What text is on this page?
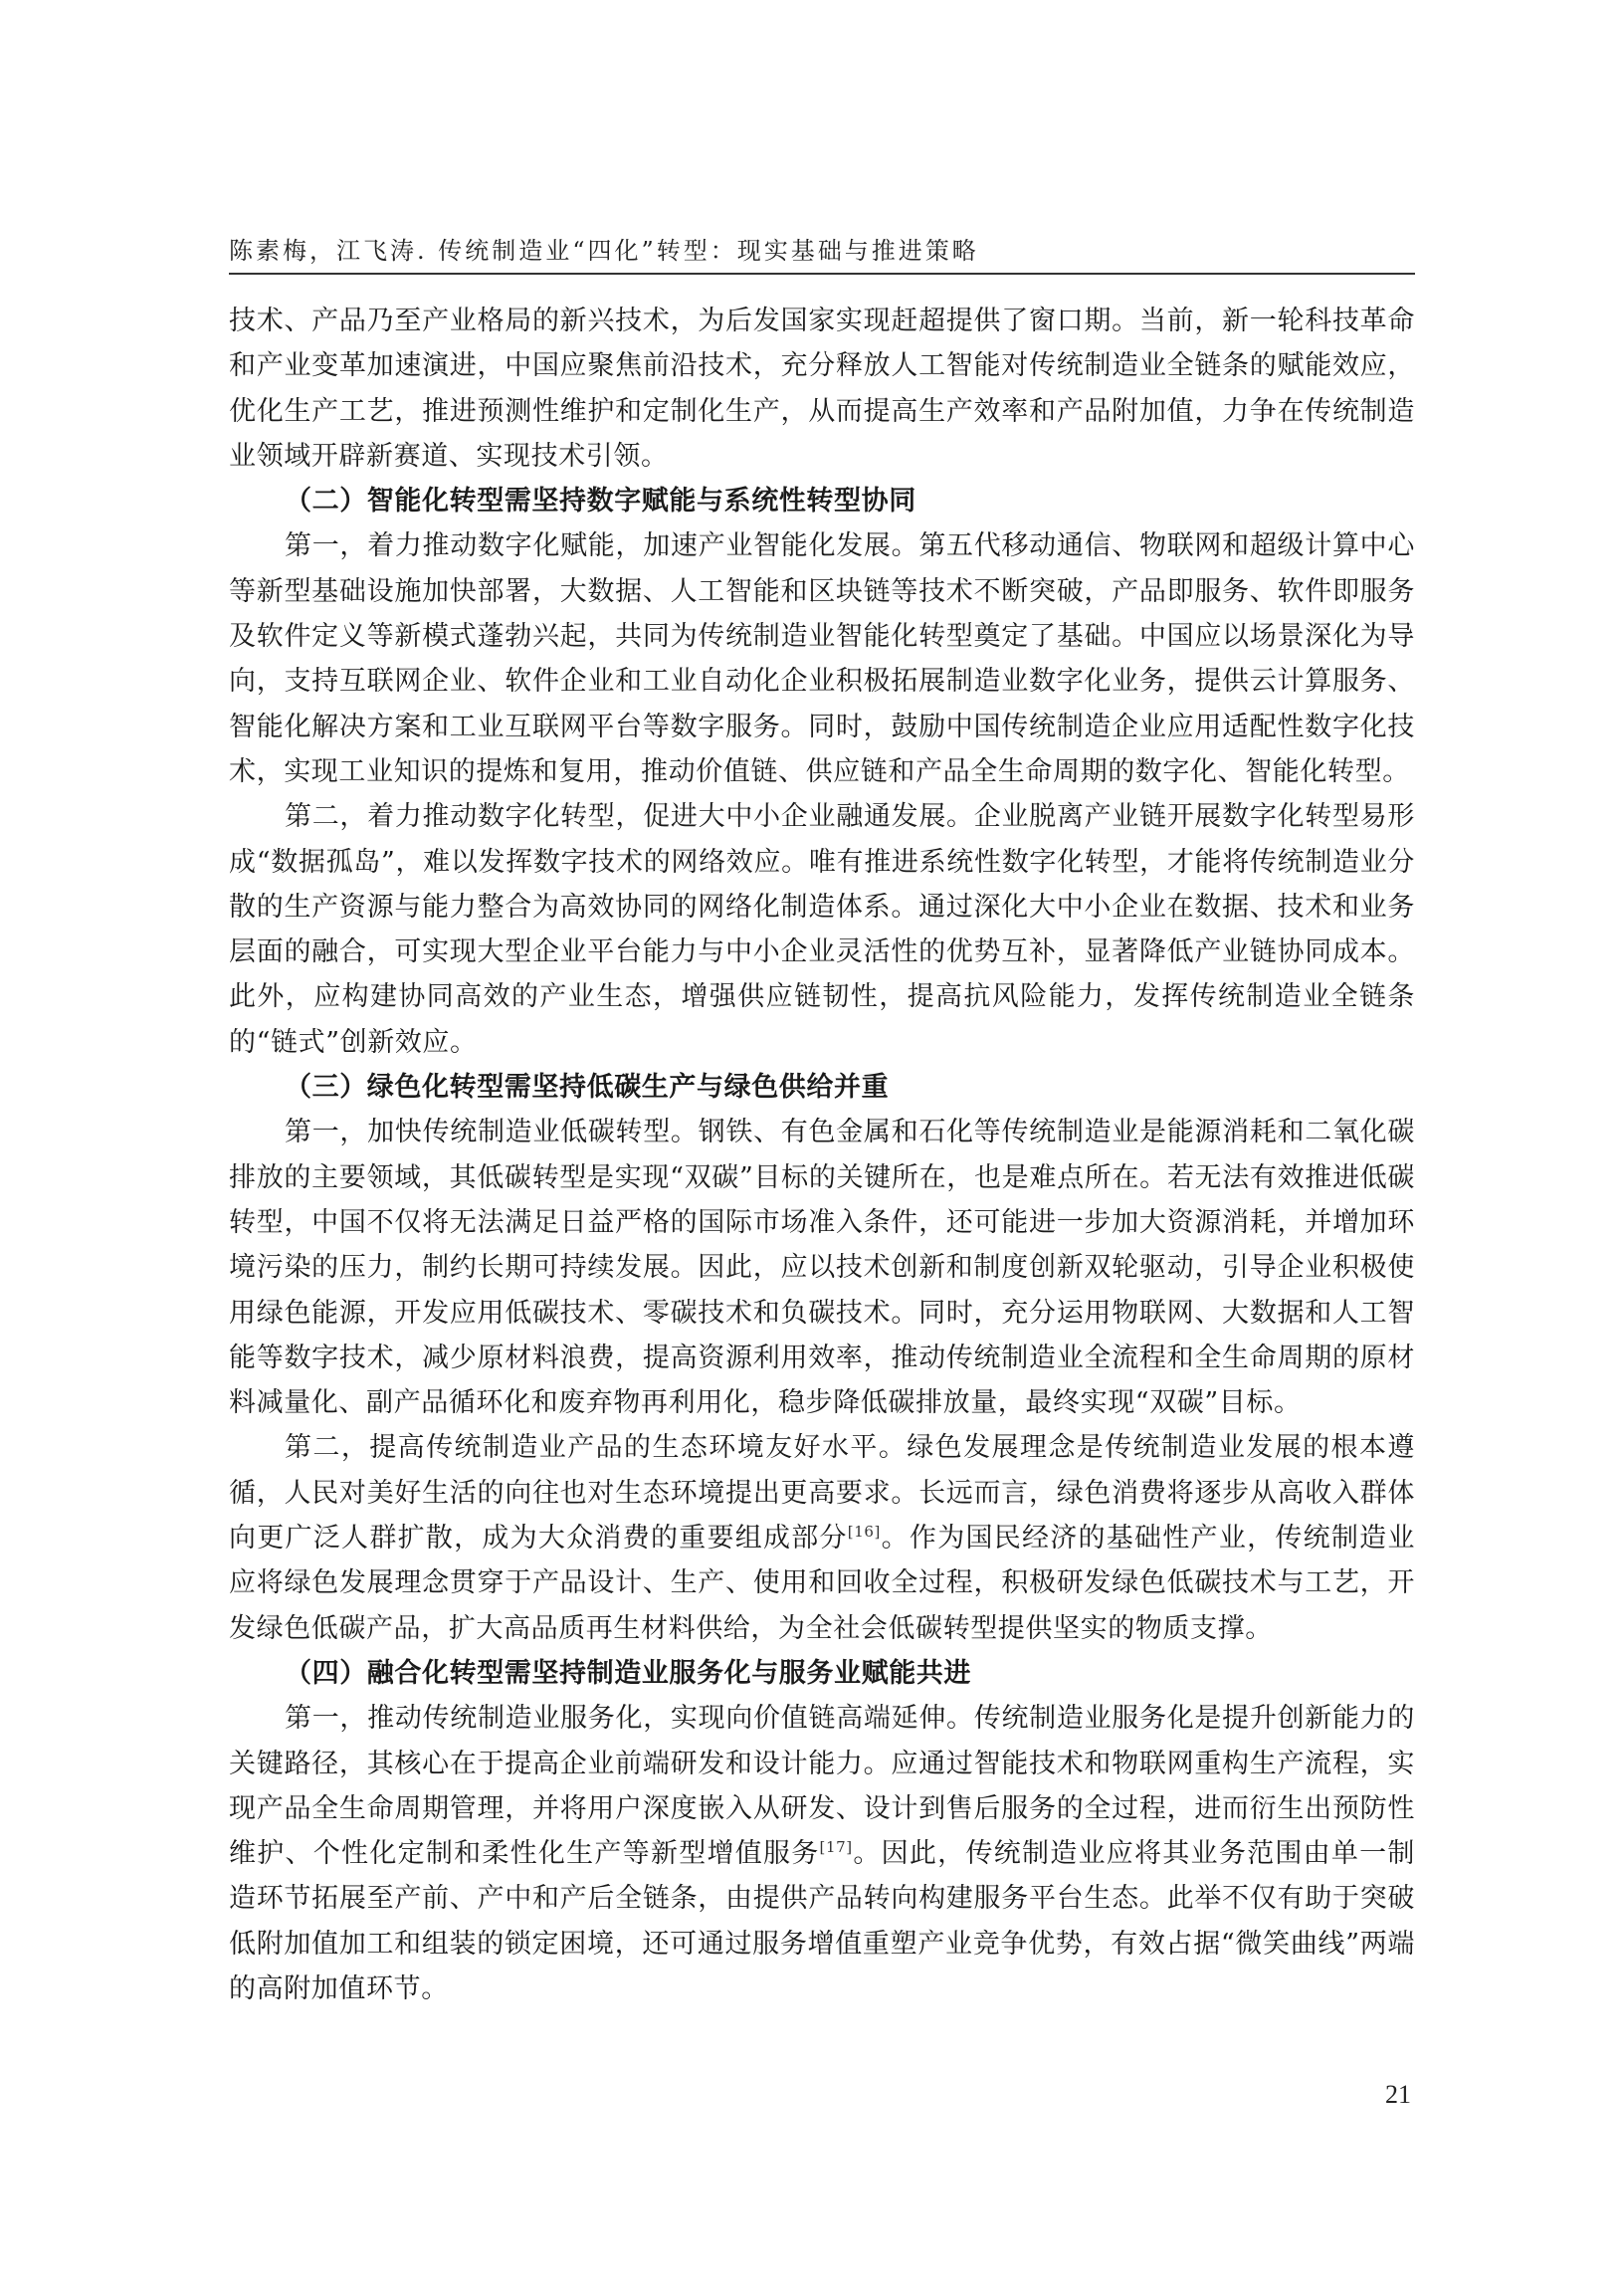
陈素梅，江飞涛. 传统制造业“四化”转型：现实基础与推进策略

技术、产品乃至产业格局的新兴技术，为后发国家实现赶超提供了窗口期。当前，新一轮科技革命和产业变革加速演进，中国应聚焦前沿技术，充分释放人工智能对传统制造业全链条的赋能效应，优化生产工艺，推进预测性维护和定制化生产，从而提高生产效率和产品附加值，力争在传统制造业领域开辟新赛道、实现技术引领。

（二）智能化转型需坚持数字赋能与系统性转型协同

第一，着力推动数字化赋能，加速产业智能化发展。第五代移动通信、物联网和超级计算中心等新型基础设施加快部署，大数据、人工智能和区块链等技术不断突破，产品即服务、软件即服务及软件定义等新模式蓬勃兴起，共同为传统制造业智能化转型奠定了基础。中国应以场景深化为导向，支持互联网企业、软件企业和工业自动化企业积极拓展制造业数字化业务，提供云计算服务、智能化解决方案和工业互联网平台等数字服务。同时，鼓励中国传统制造企业应用适配性数字化技术，实现工业知识的提炼和复用，推动价值链、供应链和产品全生命周期的数字化、智能化转型。

第二，着力推动数字化转型，促进大中小企业融通发展。企业脱离产业链开展数字化转型易形成“数据孤岛”，难以发挥数字技术的网络效应。唯有推进系统性数字化转型，才能将传统制造业分散的生产资源与能力整合为高效协同的网络化制造体系。通过深化大中小企业在数据、技术和业务层面的融合，可实现大型企业平台能力与中小企业灵活性的优势互补，显著降低产业链协同成本。此外，应构建协同高效的产业生态，增强供应链韧性，提高抗风险能力，发挥传统制造业全链条的“链式”创新效应。

（三）绿色化转型需坚持低碳生产与绿色供给并重

第一，加快传统制造业低碳转型。钢铁、有色金属和石化等传统制造业是能源消耗和二氧化碳排放的主要领域，其低碳转型是实现“双碳”目标的关键所在，也是难点所在。若无法有效推进低碳转型，中国不仅将无法满足日益严格的国际市场准入条件，还可能进一步加大资源消耗，并增加环境污染的压力，制约长期可持续发展。因此，应以技术创新和制度创新双轮驱动，引导企业积极使用绿色能源，开发应用低碳技术、零碳技术和负碳技术。同时，充分运用物联网、大数据和人工智能等数字技术，减少原材料浪费，提高资源利用效率，推动传统制造业全流程和全生命周期的原材料减量化、副产品循环化和废弃物再利用化，稳步降低碳排放量，最终实现“双碳”目标。

第二，提高传统制造业产品的生态环境友好水平。绿色发展理念是传统制造业发展的根本遵循，人民对美好生活的向往也对生态环境提出更高要求。长远而言，绿色消费将逐步从高收入群体向更广泛人群扩散，成为大众消费的重要组成部分[16]。作为国民经济的基础性产业，传统制造业应将绿色发展理念贯穿于产品设计、生产、使用和回收全过程，积极研发绿色低碳技术与工艺，开发绿色低碳产品，扩大高品质再生材料供给，为全社会低碳转型提供坚实的物质支撑。

（四）融合化转型需坚持制造业服务化与服务业赋能共进

第一，推动传统制造业服务化，实现向价值链高端延伸。传统制造业服务化是提升创新能力的关键路径，其核心在于提高企业前端研发和设计能力。应通过智能技术和物联网重构生产流程，实现产品全生命周期管理，并将用户深度嵌入从研发、设计到售后服务的全过程，进而衍生出预防性维护、个性化定制和柔性化生产等新型增值服务[17]。因此，传统制造业应将其业务范围由单一制造环节拓展至产前、产中和产后全链条，由提供产品转向构建服务平台生态。此举不仅有助于突破低附加值加工和组装的锁定困境，还可通过服务增值重塑产业竞争优势，有效占据“微笑曲线”两端的高附加值环节。

21
